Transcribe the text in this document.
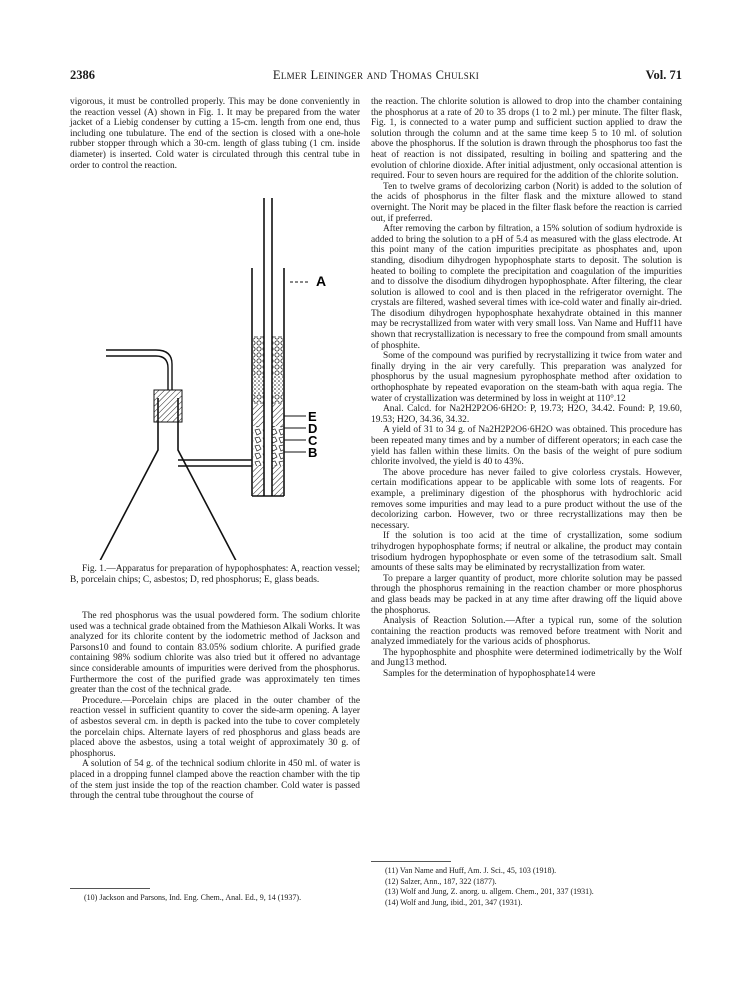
2386	Elmer Leininger and Thomas Chulski	Vol. 71

vigorous, it must be controlled properly. This may be done conveniently in the reaction vessel (A) shown in Fig. 1. It may be prepared from the water jacket of a Liebig condenser by cutting a 15-cm. length from one end, thus including one tubulature. The end of the section is closed with a one-hole rubber stopper through which a 30-cm. length of glass tubing (1 cm. inside diameter) is inserted. Cold water is circulated through this central tube in order to control the reaction.

A
E
D
C
B

Fig. 1.—Apparatus for preparation of hypophosphates: A, reaction vessel; B, porcelain chips; C, asbestos; D, red phosphorus; E, glass beads.

The red phosphorus was the usual powdered form. The sodium chlorite used was a technical grade obtained from the Mathieson Alkali Works. It was analyzed for its chlorite content by the iodometric method of Jackson and Parsons10 and found to contain 83.05% sodium chlorite. A purified grade containing 98% sodium chlorite was also tried but it offered no advantage since considerable amounts of impurities were derived from the phosphorus. Furthermore the cost of the purified grade was approximately ten times greater than the cost of the technical grade.

Procedure.—Porcelain chips are placed in the outer chamber of the reaction vessel in sufficient quantity to cover the side-arm opening. A layer of asbestos several cm. in depth is packed into the tube to cover completely the porcelain chips. Alternate layers of red phosphorus and glass beads are placed above the asbestos, using a total weight of approximately 30 g. of phosphorus.

A solution of 54 g. of the technical sodium chlorite in 450 ml. of water is placed in a dropping funnel clamped above the reaction chamber with the tip of the stem just inside the top of the reaction chamber. Cold water is passed through the central tube throughout the course of

(10) Jackson and Parsons, Ind. Eng. Chem., Anal. Ed., 9, 14 (1937).

the reaction. The chlorite solution is allowed to drop into the chamber containing the phosphorus at a rate of 20 to 35 drops (1 to 2 ml.) per minute. The filter flask, Fig. 1, is connected to a water pump and sufficient suction applied to draw the solution through the column and at the same time keep 5 to 10 ml. of solution above the phosphorus. If the solution is drawn through the phosphorus too fast the heat of reaction is not dissipated, resulting in boiling and spattering and the evolution of chlorine dioxide. After initial adjustment, only occasional attention is required. Four to seven hours are required for the addition of the chlorite solution.

Ten to twelve grams of decolorizing carbon (Norit) is added to the solution of the acids of phosphorus in the filter flask and the mixture allowed to stand overnight. The Norit may be placed in the filter flask before the reaction is carried out, if preferred.

After removing the carbon by filtration, a 15% solution of sodium hydroxide is added to bring the solution to a pH of 5.4 as measured with the glass electrode. At this point many of the cation impurities precipitate as phosphates and, upon standing, disodium dihydrogen hypophosphate starts to deposit. The solution is heated to boiling to complete the precipitation and coagulation of the impurities and to dissolve the disodium dihydrogen hypophosphate. After filtering, the clear solution is allowed to cool and is then placed in the refrigerator overnight. The crystals are filtered, washed several times with ice-cold water and finally air-dried. The disodium dihydrogen hypophosphate hexahydrate obtained in this manner may be recrystallized from water with very small loss. Van Name and Huff11 have shown that recrystallization is necessary to free the compound from small amounts of phosphite.

Some of the compound was purified by recrystallizing it twice from water and finally drying in the air very carefully. This preparation was analyzed for phosphorus by the usual magnesium pyrophosphate method after oxidation to orthophosphate by repeated evaporation on the steam-bath with aqua regia. The water of crystallization was determined by loss in weight at 110°.12

Anal. Calcd. for Na2H2P2O6·6H2O: P, 19.73; H2O, 34.42. Found: P, 19.60, 19.53; H2O, 34.36, 34.32.

A yield of 31 to 34 g. of Na2H2P2O6·6H2O was obtained. This procedure has been repeated many times and by a number of different operators; in each case the yield has fallen within these limits. On the basis of the weight of pure sodium chlorite involved, the yield is 40 to 43%.

The above procedure has never failed to give colorless crystals. However, certain modifications appear to be applicable with some lots of reagents. For example, a preliminary digestion of the phosphorus with hydrochloric acid removes some impurities and may lead to a pure product without the use of the decolorizing carbon. However, two or three recrystallizations may then be necessary.

If the solution is too acid at the time of crystallization, some sodium trihydrogen hypophosphate forms; if neutral or alkaline, the product may contain trisodium hydrogen hypophosphate or even some of the tetrasodium salt. Small amounts of these salts may be eliminated by recrystallization from water.

To prepare a larger quantity of product, more chlorite solution may be passed through the phosphorus remaining in the reaction chamber or more phosphorus and glass beads may be packed in at any time after drawing off the liquid above the phosphorus.

Analysis of Reaction Solution.—After a typical run, some of the solution containing the reaction products was removed before treatment with Norit and analyzed immediately for the various acids of phosphorus.

The hypophosphite and phosphite were determined iodimetrically by the Wolf and Jung13 method.

Samples for the determination of hypophosphate14 were

(11) Van Name and Huff, Am. J. Sci., 45, 103 (1918).

(12) Salzer, Ann., 187, 322 (1877).

(13) Wolf and Jung, Z. anorg. u. allgem. Chem., 201, 337 (1931).

(14) Wolf and Jung, ibid., 201, 347 (1931).
